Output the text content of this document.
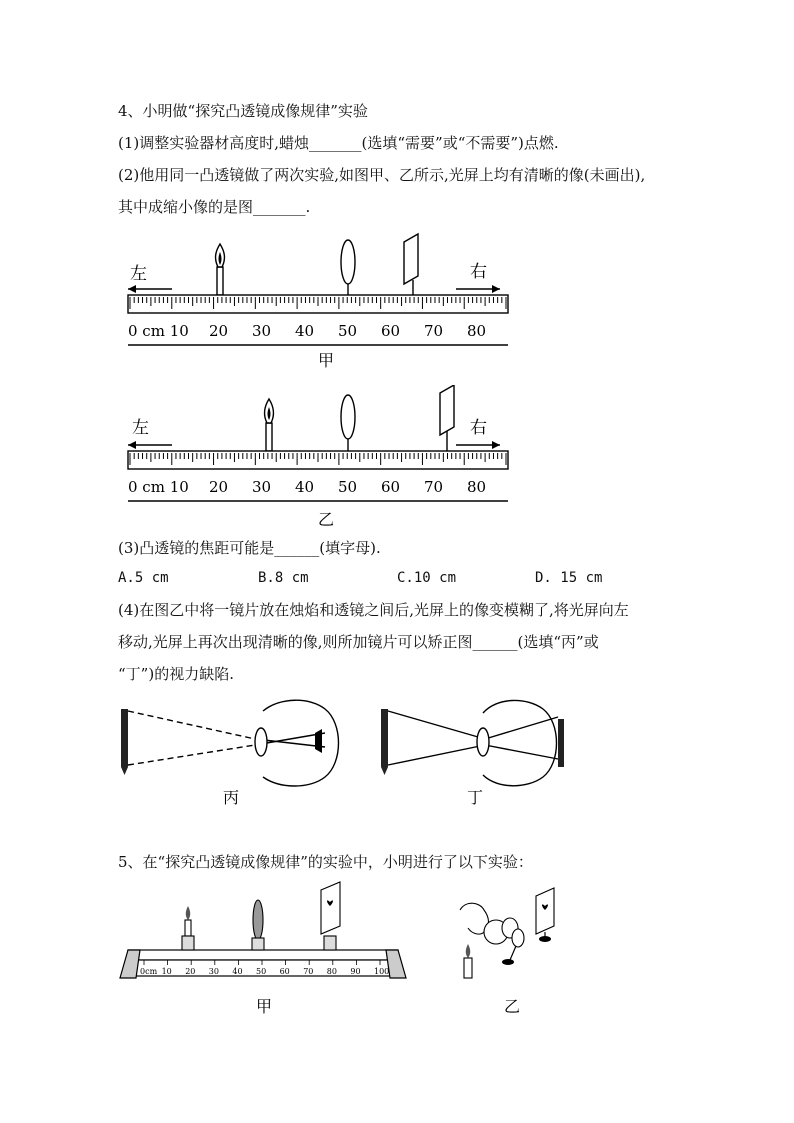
4、小明做“探究凸透镜成像规律”实验
(1)调整实验器材高度时,蜡烛_______(选填“需要”或“不需要”)点燃.
(2)他用同一凸透镜做了两次实验,如图甲、乙所示,光屏上均有清晰的像(未画出),
其中成缩小像的是图_______.
左	右
0 cm 10 20 30 40 50 60 70 80
甲
左	右
0 cm 10 20 30 40 50 60 70 80
乙
(3)凸透镜的焦距可能是______(填字母).
A.5 cm	B.8 cm	C.10 cm	D. 15 cm
(4)在图乙中将一镜片放在烛焰和透镜之间后,光屏上的像变模糊了,将光屏向左
移动,光屏上再次出现清晰的像,则所加镜片可以矫正图______(选填“丙”或
“丁”)的视力缺陷.
丙	丁
5、在“探究凸透镜成像规律”的实验中，小明进行了以下实验：
0cm 10 20 30 40 50 60 70 80 90 100
甲	乙
